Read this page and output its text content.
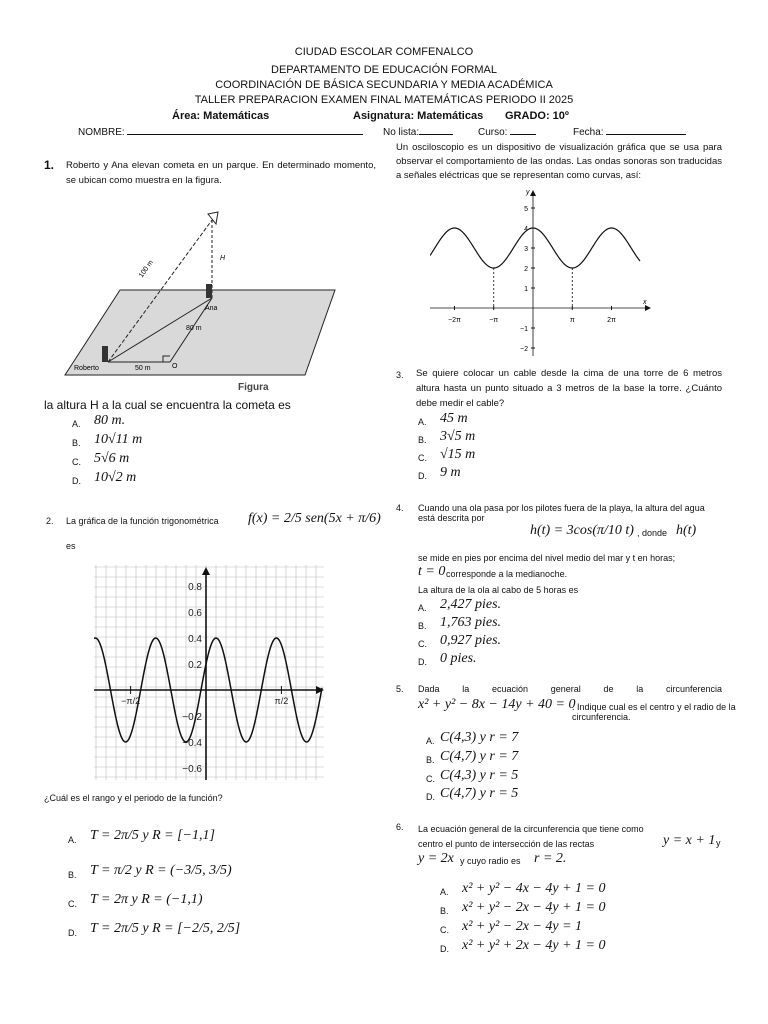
CIUDAD ESCOLAR COMFENALCO
DEPARTAMENTO DE EDUCACIÓN FORMAL
COORDINACIÓN DE BÁSICA SECUNDARIA Y MEDIA ACADÉMICA
TALLER PREPARACION EXAMEN FINAL MATEMÁTICAS PERIODO II 2025
Área: Matemáticas	Asignatura: Matemáticas GRADO: 10º
NOMBRE:	No lista:	Curso:	Fecha:
1. Roberto y Ana elevan cometa en un parque. En determinado momento, se ubican como muestra en la figura.
100 m
80 m
50 m
H
Roberto
Ana
O
Figura
la altura H a la cual se encuentra la cometa es
A. 80 m.
B. 10√11 m
C. 5√6 m
D. 10√2 m
2. La gráfica de la función trigonométrica f(x) = 2/5 sen(5x + π/6)
es
0.8
0.6
0.4
0.2
−0.2
−0.4
−0.6
−π/2	π/2
¿Cuál es el rango y el periodo de la función?
A. T = 2π/5 y R = [−1,1]
B. T = π/2 y R = (−3/5, 3/5)
C. T = 2π y R = (−1,1)
D. T = 2π/5 y R = [−2/5, 2/5]
Un osciloscopio es un dispositivo de visualización gráfica que se usa para observar el comportamiento de las ondas. Las ondas sonoras son traducidas a señales eléctricas que se representan como curvas, así:
y
x
5
4
3
2
1
−1
−2
−2π	−π	π	2π
3. Se quiere colocar un cable desde la cima de una torre de 6 metros altura hasta un punto situado a 3 metros de la base la torre. ¿Cuánto debe medir el cable?
A. 45 m
B. 3√5 m
C. √15 m
D. 9 m
4. Cuando una ola pasa por los pilotes fuera de la playa, la altura del agua está descrita por
h(t) = 3cos(π/10 t) , donde h(t)
se mide en pies por encima del nivel medio del mar y t en horas;
t = 0 corresponde a la medianoche.
La altura de la ola al cabo de 5 horas es
A. 2,427 pies.
B. 1,763 pies.
C. 0,927 pies.
D. 0 pies.
5. Dada la ecuación general de la circunferencia
x² + y² − 8x − 14y + 40 = 0
. Indique cual es el centro y el radio de la circunferencia.
A. C(4,3) y r = 7
B. C(4,7) y r = 7
C. C(4,3) y r = 5
D. C(4,7) y r = 5
6. La ecuación general de la circunferencia que tiene como centro el punto de intersección de las rectas	y = x + 1 y
y = 2x y cuyo radio es r = 2.
A. x² + y² − 4x − 4y + 1 = 0
B. x² + y² − 2x − 4y + 1 = 0
C. x² + y² − 2x − 4y = 1
D. x² + y² + 2x − 4y + 1 = 0
